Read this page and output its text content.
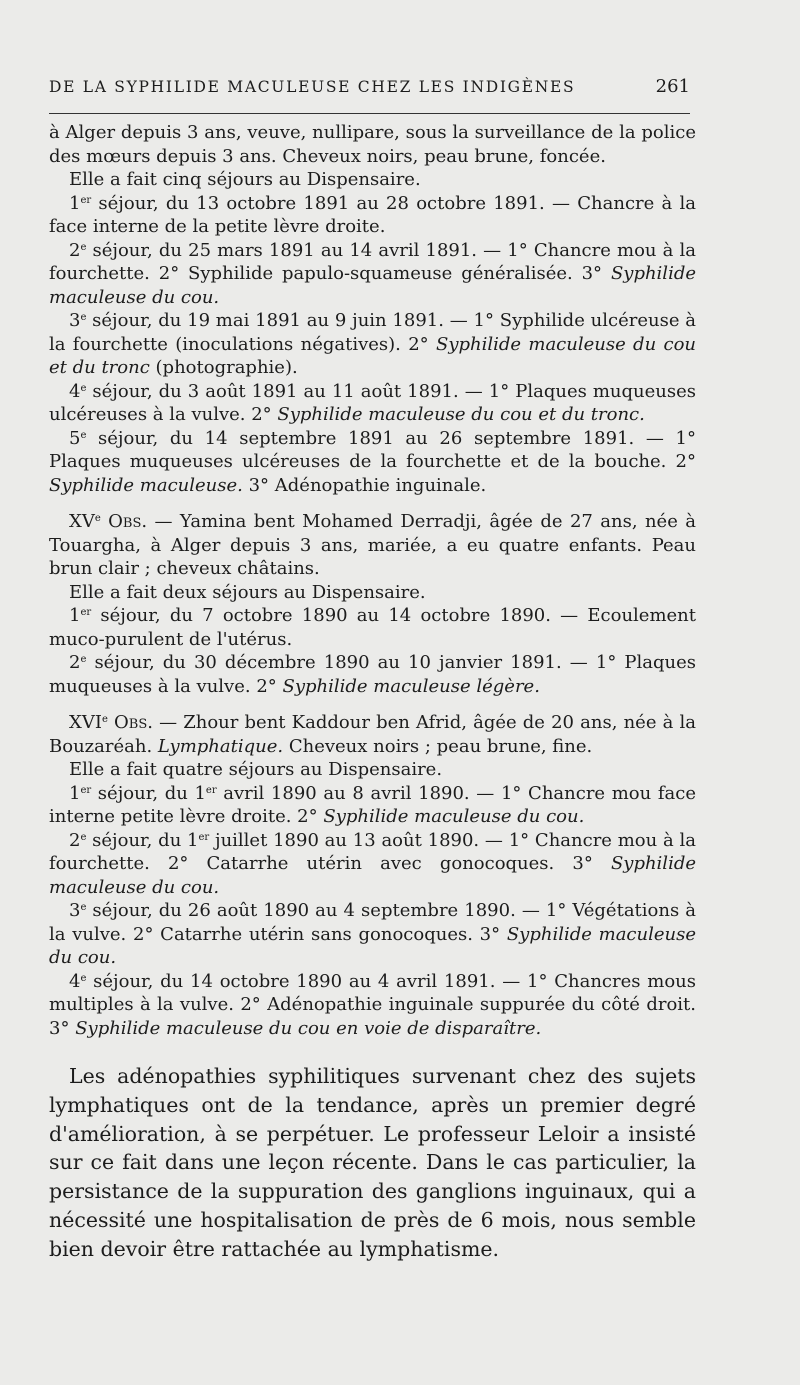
DE LA SYPHILIDE MACULEUSE CHEZ LES INDIGÈNES	261

à Alger depuis 3 ans, veuve, nullipare, sous la surveillance de la police des mœurs depuis 3 ans. Cheveux noirs, peau brune, foncée.

Elle a fait cinq séjours au Dispensaire.

1er séjour, du 13 octobre 1891 au 28 octobre 1891. — Chancre à la face interne de la petite lèvre droite.

2e séjour, du 25 mars 1891 au 14 avril 1891. — 1° Chancre mou à la fourchette. 2° Syphilide papulo-squameuse généralisée. 3° Syphilide maculeuse du cou.

3e séjour, du 19 mai 1891 au 9 juin 1891. — 1° Syphilide ulcéreuse à la fourchette (inoculations négatives). 2° Syphilide maculeuse du cou et du tronc (photographie).

4e séjour, du 3 août 1891 au 11 août 1891. — 1° Plaques muqueuses ulcéreuses à la vulve. 2° Syphilide maculeuse du cou et du tronc.

5e séjour, du 14 septembre 1891 au 26 septembre 1891. — 1° Plaques muqueuses ulcéreuses de la fourchette et de la bouche. 2° Syphilide maculeuse. 3° Adénopathie inguinale.

XVe Obs. — Yamina bent Mohamed Derradji, âgée de 27 ans, née à Touargha, à Alger depuis 3 ans, mariée, a eu quatre enfants. Peau brun clair ; cheveux châtains.

Elle a fait deux séjours au Dispensaire.

1er séjour, du 7 octobre 1890 au 14 octobre 1890. — Ecoulement muco-purulent de l'utérus.

2e séjour, du 30 décembre 1890 au 10 janvier 1891. — 1° Plaques muqueuses à la vulve. 2° Syphilide maculeuse légère.

XVIe Obs. — Zhour bent Kaddour ben Afrid, âgée de 20 ans, née à la Bouzaréah. Lymphatique. Cheveux noirs ; peau brune, fine.

Elle a fait quatre séjours au Dispensaire.

1er séjour, du 1er avril 1890 au 8 avril 1890. — 1° Chancre mou face interne petite lèvre droite. 2° Syphilide maculeuse du cou.

2e séjour, du 1er juillet 1890 au 13 août 1890. — 1° Chancre mou à la fourchette. 2° Catarrhe utérin avec gonocoques. 3° Syphilide maculeuse du cou.

3e séjour, du 26 août 1890 au 4 septembre 1890. — 1° Végétations à la vulve. 2° Catarrhe utérin sans gonocoques. 3° Syphilide maculeuse du cou.

4e séjour, du 14 octobre 1890 au 4 avril 1891. — 1° Chancres mous multiples à la vulve. 2° Adénopathie inguinale suppurée du côté droit. 3° Syphilide maculeuse du cou en voie de disparaître.

Les adénopathies syphilitiques survenant chez des sujets lymphatiques ont de la tendance, après un premier degré d'amélioration, à se perpétuer. Le professeur Leloir a insisté sur ce fait dans une leçon récente. Dans le cas particulier, la persistance de la suppuration des ganglions inguinaux, qui a nécessité une hospitalisation de près de 6 mois, nous semble bien devoir être rattachée au lymphatisme.
